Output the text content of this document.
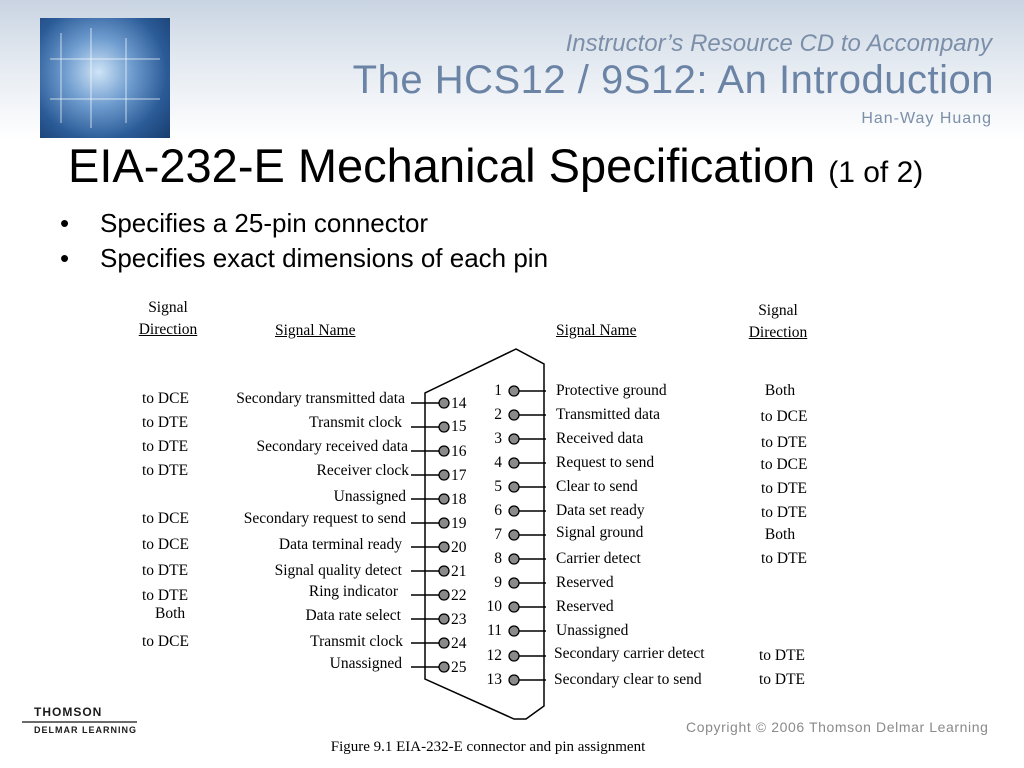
Instructor’s Resource CD to Accompany
The HCS12 / 9S12: An Introduction
Han-Way Huang
EIA-232-E Mechanical Specification (1 of 2)
• Specifies a 25-pin connector
• Specifies exact dimensions of each pin
Signal
Direction	Signal Name	Signal Name
Signal
Direction
to DCE	Secondary transmitted data	14
to DTE	Transmit clock	15
to DTE	Secondary received data	16
to DTE	Receiver clock	17
Unassigned	18
to DCE	Secondary request to send	19
to DCE	Data terminal ready	20
to DTE	Signal quality detect	21
to DTE	Ring indicator	22
Both	Data rate select	23
to DCE	Transmit clock	24
Unassigned	25
1	Protective ground	Both
2	Transmitted data	to DCE
3	Received data	to DTE
4	Request to send	to DCE
5	Clear to send	to DTE
6	Data set ready	to DTE
7	Signal ground	Both
8	Carrier detect	to DTE
9	Reserved
10	Reserved
11	Unassigned
12	Secondary carrier detect	to DTE
13	Secondary clear to send	to DTE
THOMSON
DELMAR LEARNING	Copyright © 2006 Thomson Delmar Learning
Figure 9.1 EIA-232-E connector and pin assignment
